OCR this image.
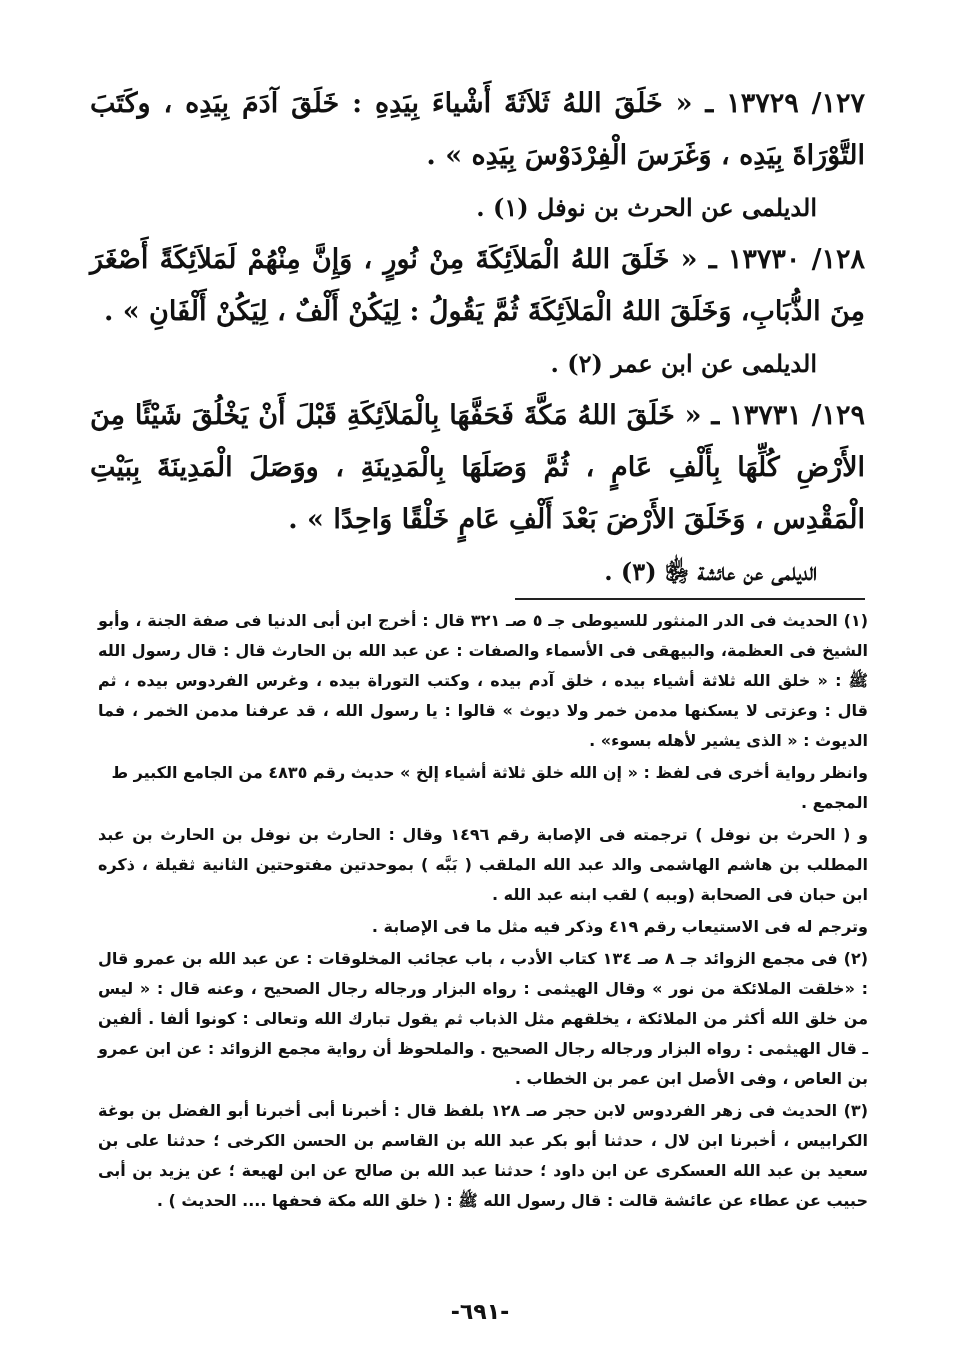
١٢٧/ ١٣٧٢٩ ـ « خَلَقَ اللهُ ثَلاَثَةَ أَشْياءَ بِيَدِهِ : خَلَقَ آدَمَ بِيَدِه ، وكَتَبَ التَّوْرَاةَ بِيَدِه ، وَغَرَسَ الْفِرْدَوْسَ بِيَدِه » .

الديلمى عن الحرث بن نوفل (١) .

١٢٨/ ١٣٧٣٠ ـ « خَلَقَ اللهُ الْمَلاَئِكَةَ مِنْ نُورٍ ، وَإِنَّ مِنْهُمْ لَمَلاَئِكَةً أَصْغَرَ مِنَ الذُّبَابِ، وَخَلَقَ اللهُ الْمَلاَئِكَةَ ثُمَّ يَقُولُ : لِيَكُنْ أَلْفٌ ، لِيَكُنْ أَلْفَانِ » .

الديلمى عن ابن عمر (٢) .

١٢٩/ ١٣٧٣١ ـ « خَلَقَ اللهُ مَكَّةَ فَحَفَّهَا بِالْمَلاَئِكَةِ قَبْلَ أَنْ يَخْلُقَ شَيْئًا مِنَ الأَرْضِ كُلِّهَا بِأَلْفِ عَامٍ ، ثُمَّ وَصَلَهَا بِالْمَدِينَةِ ، ووَصَلَ الْمَدِينَةَ بِبَيْتِ الْمَقْدِس ، وَخَلَقَ الأَرْضَ بَعْدَ أَلْفِ عَامٍ خَلْقًا وَاحِدًا » .

الديلمى عن عائشة ﵂ (٣) .

(١) الحديث فى الدر المنثور للسيوطى جـ ٥ صـ ٣٢١ قال : أخرج ابن أبى الدنيا فى صفة الجنة ، وأبو الشيخ فى العظمة، والبيهقى فى الأسماء والصفات : عن عبد الله بن الحارث قال : قال رسول الله ﷺ : « خلق الله ثلاثة أشياء بيده ، خلق آدم بيده ، وكتب التوراة بيده ، وغرس الفردوس بيده ، ثم قال : وعزتى لا يسكنها مدمن خمر ولا ديوث » قالوا : يا رسول الله ، قد عرفنا مدمن الخمر ، فما الديوث : « الذى يشير لأهله بسوء» .

وانظر رواية أخرى فى لفظ : « إن الله خلق ثلاثة أشياء إلخ » حديث رقم ٤٨٣٥ من الجامع الكبير ط المجمع .

و ( الحرث بن نوفل ) ترجمته فى الإصابة رقم ١٤٩٦ وقال : الحارث بن نوفل بن الحارث بن عبد المطلب بن هاشم الهاشمى والد عبد الله الملقب ( بَبَّه ) بموحدتين مفتوحتين الثانية ثقيلة ، ذكره ابن حبان فى الصحابة (وببه ) لقب ابنه عبد الله .

وترجم له فى الاستيعاب رقم ٤١٩ وذكر فيه مثل ما فى الإصابة .

(٢) فى مجمع الزوائد جـ ٨ صـ ١٣٤ كتاب الأدب ، باب عجائب المخلوقات : عن عبد الله بن عمرو قال : «خلقت الملائكة من نور » وقال الهيثمى : رواه البزار ورجاله رجال الصحيح ، وعنه قال : « ليس من خلق الله أكثر من الملائكة ، يخلقهم مثل الذباب ثم يقول تبارك الله وتعالى : كونوا ألفا . ألفين ـ قال الهيثمى : رواه البزار ورجاله رجال الصحيح . والملحوظ أن رواية مجمع الزوائد : عن ابن عمرو بن العاص ، وفى الأصل ابن عمر بن الخطاب .

(٣) الحديث فى زهر الفردوس لابن حجر صـ ١٢٨ بلفظ قال : أخبرنا أبى أخبرنا أبو الفضل بن بوغة الكرابيس ، أخبرنا ابن لال ، حدثنا أبو بكر عبد الله بن القاسم بن الحسن الكرخى ؛ حدثنا على بن سعيد بن عبد الله العسكرى عن ابن داود ؛ حدثنا عبد الله بن صالح عن ابن لهيعة ؛ عن يزيد بن أبى حبيب عن عطاء عن عائشة قالت : قال رسول الله ﷺ : ( خلق الله مكة فحفها .... الحديث ) .

-٦٩١-
